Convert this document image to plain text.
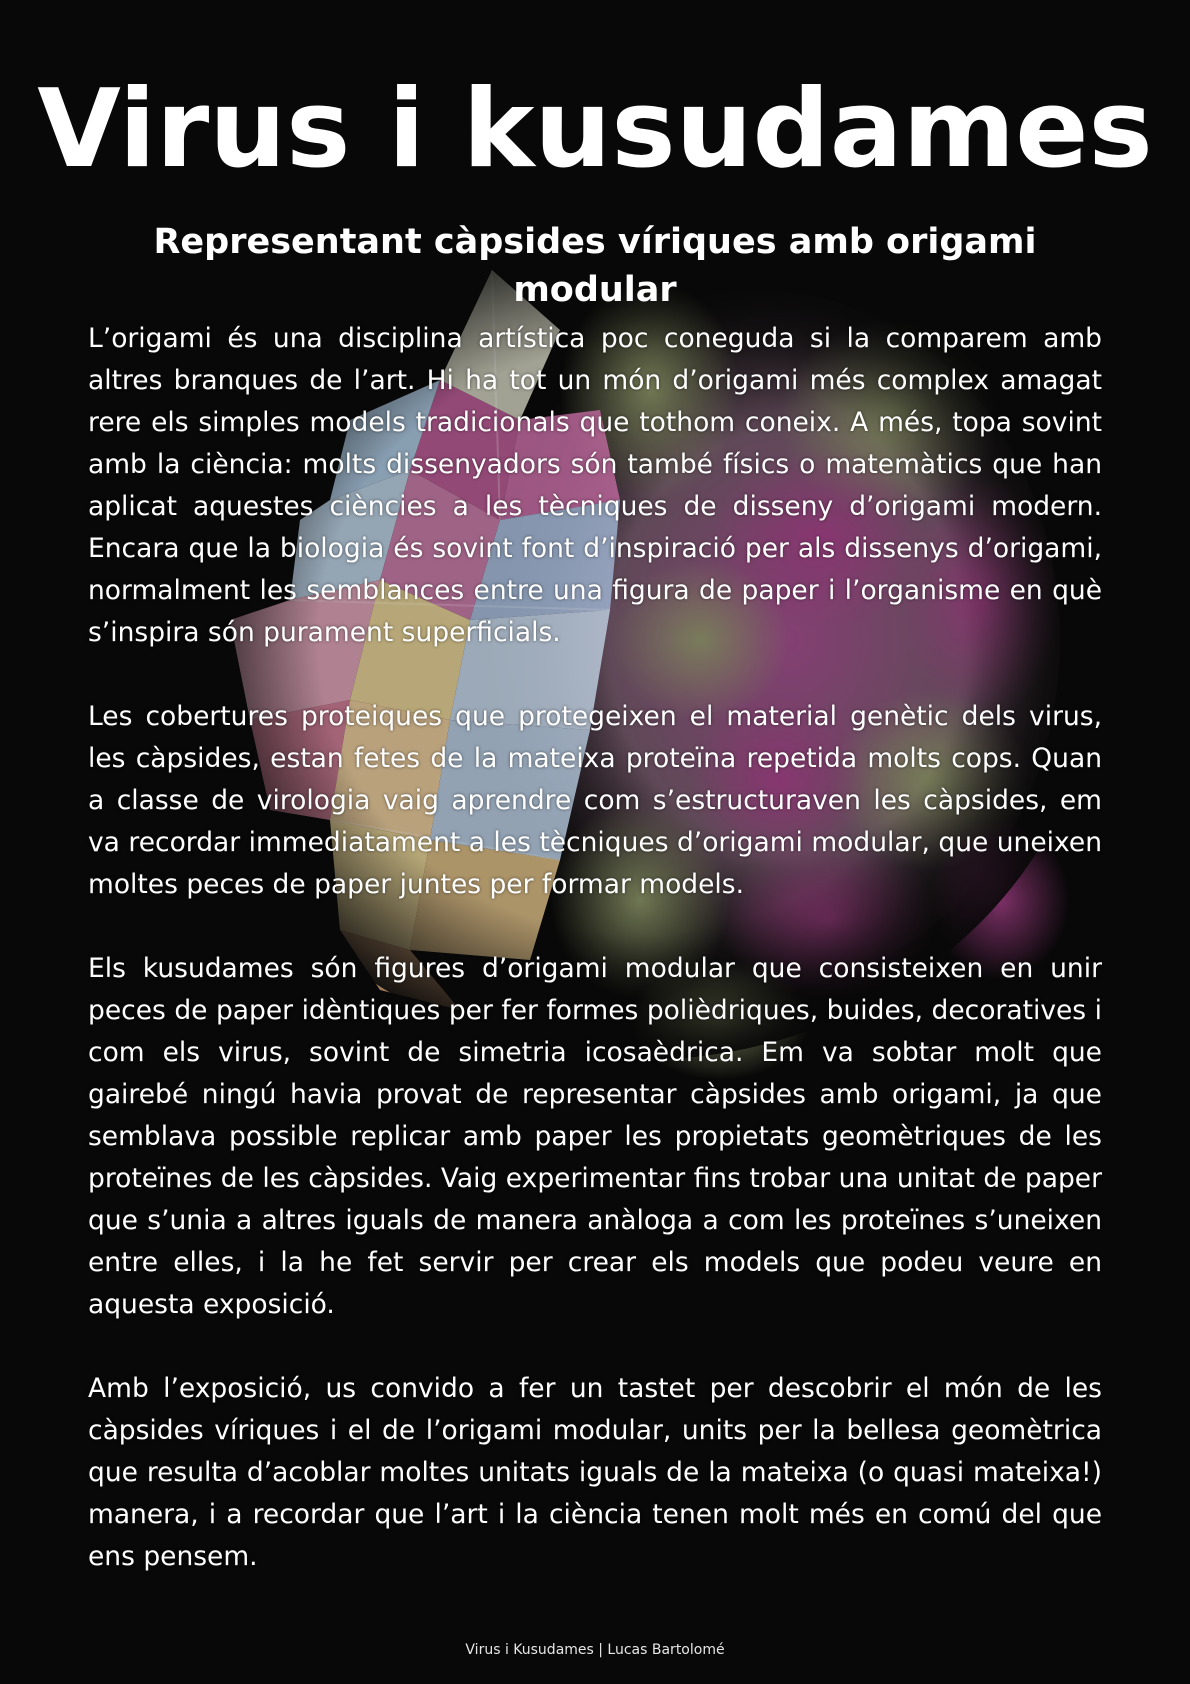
Virus i kusudames
Representant càpsides víriques amb origami modular

L’origami és una disciplina artística poc coneguda si la comparem amb altres branques de l’art. Hi ha tot un món d’origami més complex amagat rere els simples models tradicionals que tothom coneix. A més, topa sovint amb la ciència: molts dissenyadors són també físics o matemàtics que han aplicat aquestes ciències a les tècniques de disseny d’origami modern. Encara que la biologia és sovint font d’inspiració per als dissenys d’origami, normalment les semblances entre una figura de paper i l’organisme en què s’inspira són purament superficials.

Les cobertures proteiques que protegeixen el material genètic dels virus, les càpsides, estan fetes de la mateixa proteïna repetida molts cops. Quan a classe de virologia vaig aprendre com s’estructuraven les càpsides, em va recordar immediatament a les tècniques d’origami modular, que uneixen moltes peces de paper juntes per formar models.

Els kusudames són figures d’origami modular que consisteixen en unir peces de paper idèntiques per fer formes polièdriques, buides, decoratives i com els virus, sovint de simetria icosaèdrica. Em va sobtar molt que gairebé ningú havia provat de representar càpsides amb origami, ja que semblava possible replicar amb paper les propietats geomètriques de les proteïnes de les càpsides. Vaig experimentar fins trobar una unitat de paper que s’unia a altres iguals de manera anàloga a com les proteïnes s’uneixen entre elles, i la he fet servir per crear els models que podeu veure en aquesta exposició.

Amb l’exposició, us convido a fer un tastet per descobrir el món de les càpsides víriques i el de l’origami modular, units per la bellesa geomètrica que resulta d’acoblar moltes unitats iguals de la mateixa (o quasi mateixa!) manera, i a recordar que l’art i la ciència tenen molt més en comú del que ens pensem.

Virus i Kusudames | Lucas Bartolomé
